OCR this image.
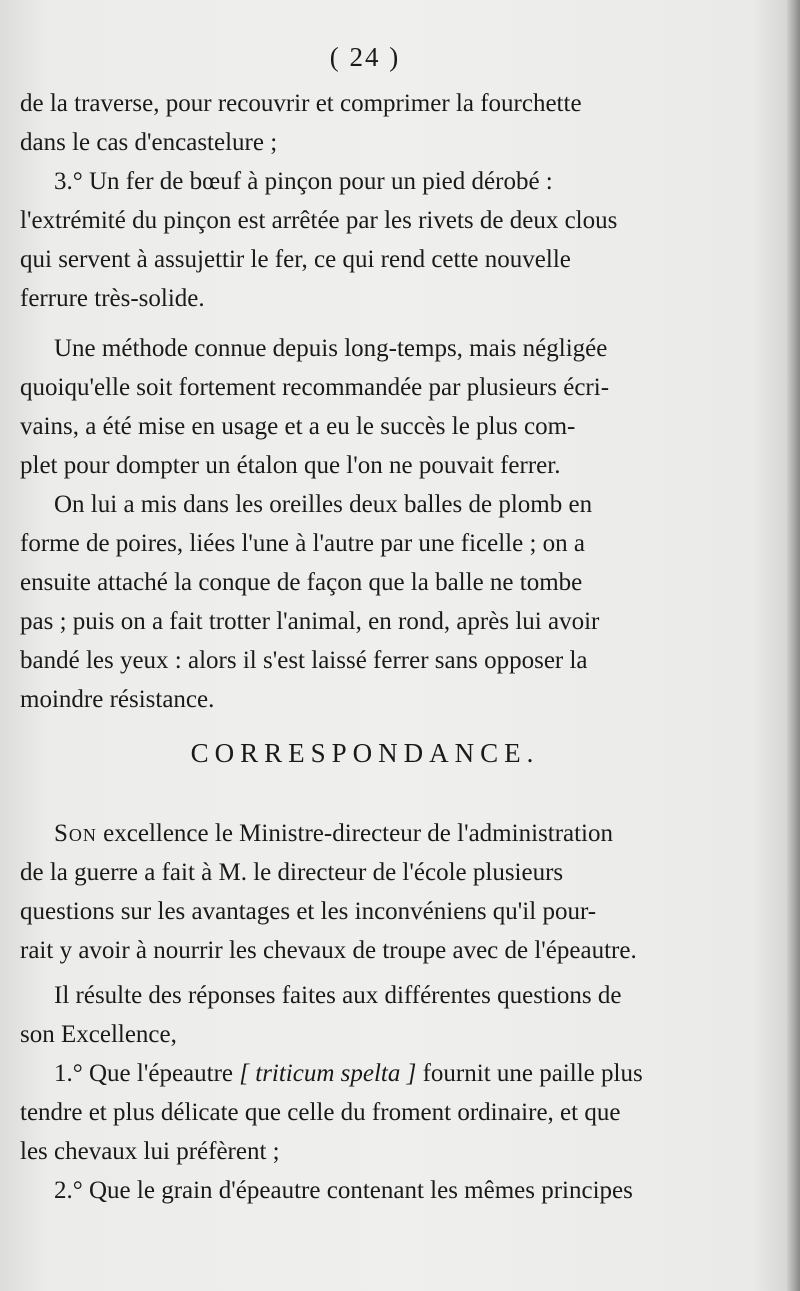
( 24 )

de la traverse, pour recouvrir et comprimer la fourchette

dans le cas d'encastelure ;

3.° Un fer de bœuf à pinçon pour un pied dérobé :

l'extrémité du pinçon est arrêtée par les rivets de deux clous

qui servent à assujettir le fer, ce qui rend cette nouvelle

ferrure très-solide.

Une méthode connue depuis long-temps, mais négligée

quoiqu'elle soit fortement recommandée par plusieurs écri-

vains, a été mise en usage et a eu le succès le plus com-

plet pour dompter un étalon que l'on ne pouvait ferrer.

On lui a mis dans les oreilles deux balles de plomb en

forme de poires, liées l'une à l'autre par une ficelle ; on a

ensuite attaché la conque de façon que la balle ne tombe

pas ; puis on a fait trotter l'animal, en rond, après lui avoir

bandé les yeux : alors il s'est laissé ferrer sans opposer la

moindre résistance.

CORRESPONDANCE.

Son excellence le Ministre-directeur de l'administration

de la guerre a fait à M. le directeur de l'école plusieurs

questions sur les avantages et les inconvéniens qu'il pour-

rait y avoir à nourrir les chevaux de troupe avec de l'épeautre.

Il résulte des réponses faites aux différentes questions de

son Excellence,

1.° Que l'épeautre [ triticum spelta ] fournit une paille plus

tendre et plus délicate que celle du froment ordinaire, et que

les chevaux lui préfèrent ;

2.° Que le grain d'épeautre contenant les mêmes principes
